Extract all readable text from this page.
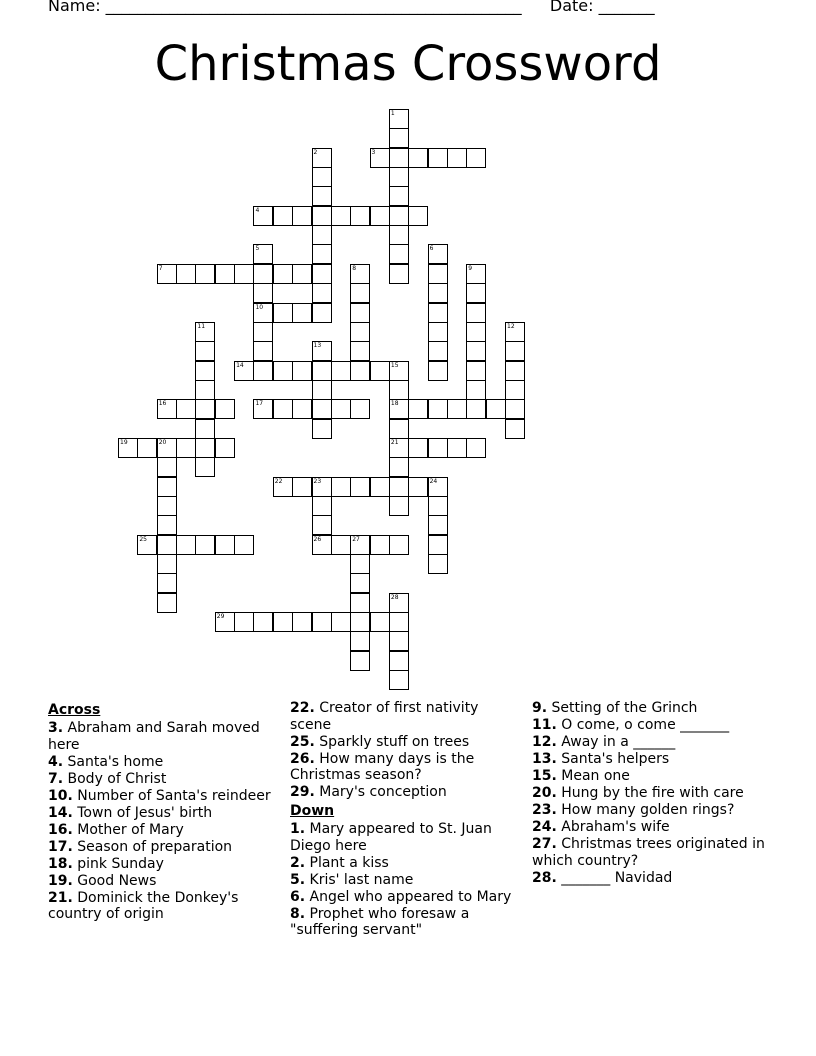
Name: ____________________________________________________ Date: _______
Christmas Crossword
1
2	3
4
5
10
6
7	8	9
11	12
13
14	15
18
21
16	17
19	20
22	23	24
26
25	27
28
29
Across
3. Abraham and Sarah moved here
4. Santa's home
7. Body of Christ
10. Number of Santa's reindeer
14. Town of Jesus' birth
16. Mother of Mary
17. Season of preparation
18. pink Sunday
19. Good News
21. Dominick the Donkey's country of origin
22. Creator of first nativity scene
25. Sparkly stuff on trees
26. How many days is the Christmas season?
29. Mary's conception
Down
1. Mary appeared to St. Juan Diego here
2. Plant a kiss
5. Kris' last name
6. Angel who appeared to Mary
8. Prophet who foresaw a "suffering servant"
9. Setting of the Grinch
11. O come, o come _______
12. Away in a ______
13. Santa's helpers
15. Mean one
20. Hung by the fire with care
23. How many golden rings?
24. Abraham's wife
27. Christmas trees originated in which country?
28. _______ Navidad
